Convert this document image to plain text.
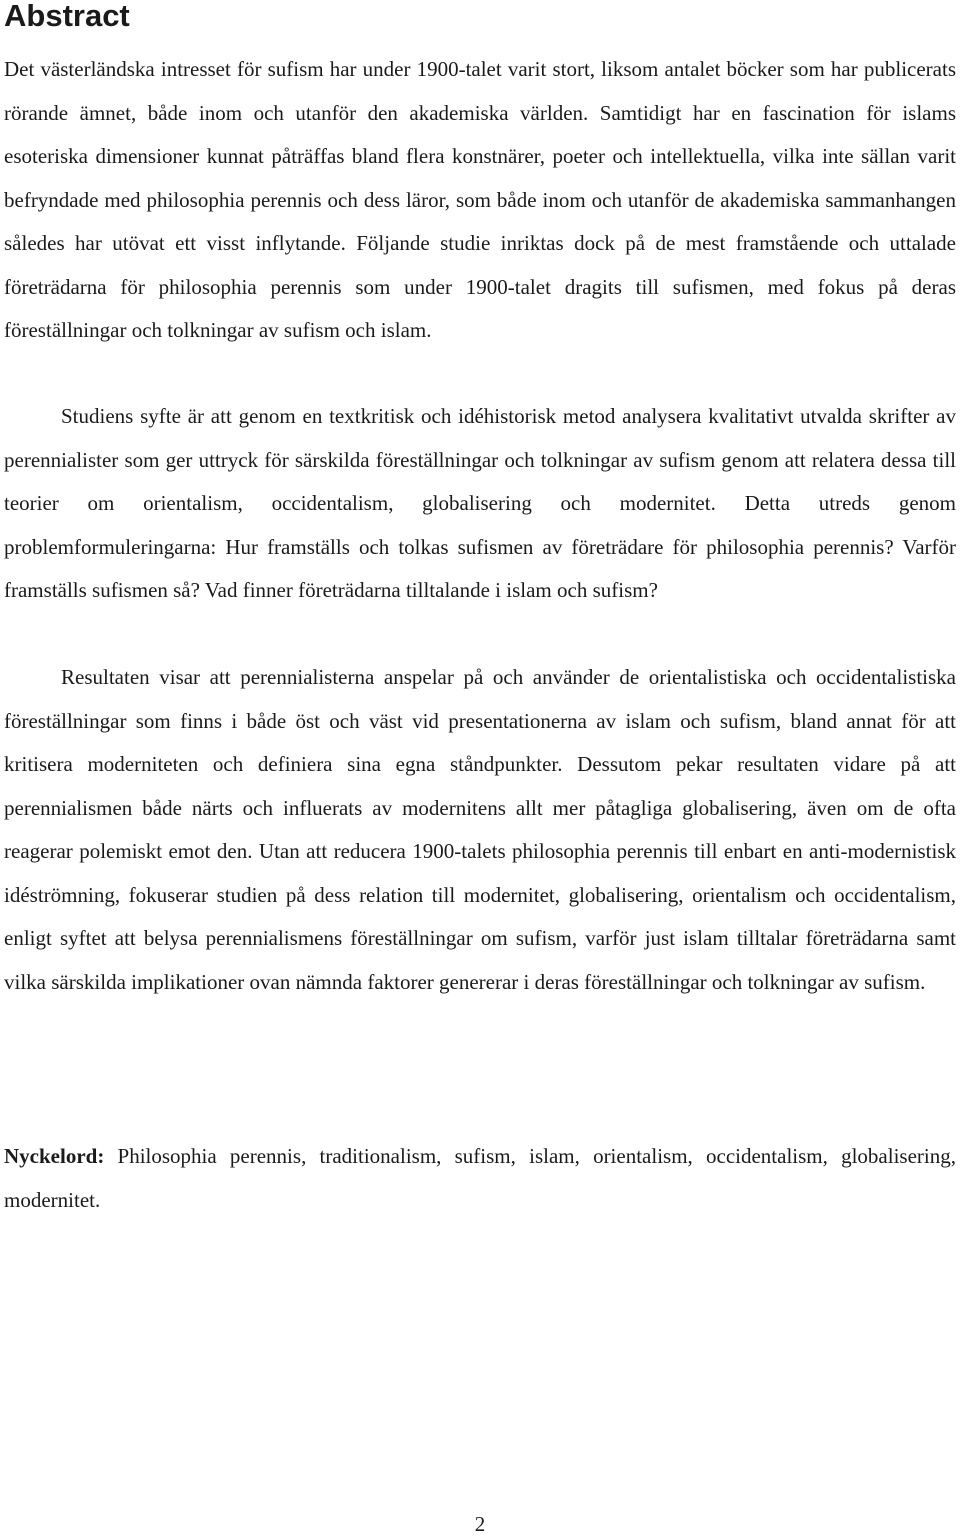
Abstract

Det västerländska intresset för sufism har under 1900-talet varit stort, liksom antalet böcker som har publicerats rörande ämnet, både inom och utanför den akademiska världen. Samtidigt har en fascination för islams esoteriska dimensioner kunnat påträffas bland flera konstnärer, poeter och intellektuella, vilka inte sällan varit befryndade med philosophia perennis och dess läror, som både inom och utanför de akademiska sammanhangen således har utövat ett visst inflytande. Följande studie inriktas dock på de mest framstående och uttalade företrädarna för philosophia perennis som under 1900-talet dragits till sufismen, med fokus på deras föreställningar och tolkningar av sufism och islam.

Studiens syfte är att genom en textkritisk och idéhistorisk metod analysera kvalitativt utvalda skrifter av perennialister som ger uttryck för särskilda föreställningar och tolkningar av sufism genom att relatera dessa till teorier om orientalism, occidentalism, globalisering och modernitet. Detta utreds genom problemformuleringarna: Hur framställs och tolkas sufismen av företrädare för philosophia perennis? Varför framställs sufismen så? Vad finner företrädarna tilltalande i islam och sufism?

Resultaten visar att perennialisterna anspelar på och använder de orientalistiska och occidentalistiska föreställningar som finns i både öst och väst vid presentationerna av islam och sufism, bland annat för att kritisera moderniteten och definiera sina egna ståndpunkter. Dessutom pekar resultaten vidare på att perennialismen både närts och influerats av modernitens allt mer påtagliga globalisering, även om de ofta reagerar polemiskt emot den. Utan att reducera 1900-talets philosophia perennis till enbart en anti-modernistisk idéströmning, fokuserar studien på dess relation till modernitet, globalisering, orientalism och occidentalism, enligt syftet att belysa perennialismens föreställningar om sufism, varför just islam tilltalar företrädarna samt vilka särskilda implikationer ovan nämnda faktorer genererar i deras föreställningar och tolkningar av sufism.

Nyckelord: Philosophia perennis, traditionalism, sufism, islam, orientalism, occidentalism, globalisering, modernitet.

2
